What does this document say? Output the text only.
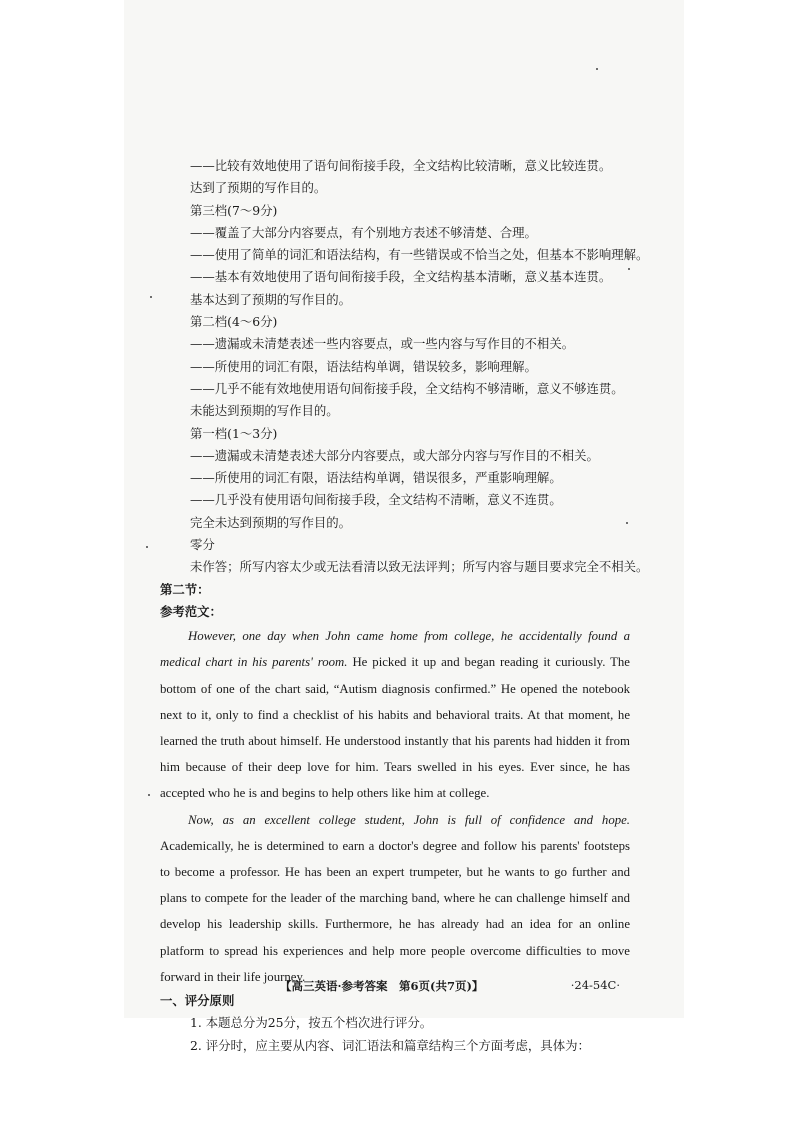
——比较有效地使用了语句间衔接手段，全文结构比较清晰，意义比较连贯。
达到了预期的写作目的。
第三档(7～9分)
——覆盖了大部分内容要点，有个别地方表述不够清楚、合理。
——使用了简单的词汇和语法结构，有一些错误或不恰当之处，但基本不影响理解。
——基本有效地使用了语句间衔接手段，全文结构基本清晰，意义基本连贯。
基本达到了预期的写作目的。
第二档(4～6分)
——遗漏或未清楚表述一些内容要点，或一些内容与写作目的不相关。
——所使用的词汇有限，语法结构单调，错误较多，影响理解。
——几乎不能有效地使用语句间衔接手段，全文结构不够清晰，意义不够连贯。
未能达到预期的写作目的。
第一档(1～3分)
——遗漏或未清楚表述大部分内容要点，或大部分内容与写作目的不相关。
——所使用的词汇有限，语法结构单调，错误很多，严重影响理解。
——几乎没有使用语句间衔接手段，全文结构不清晰，意义不连贯。
完全未达到预期的写作目的。
零分
未作答；所写内容太少或无法看清以致无法评判；所写内容与题目要求完全不相关。
第二节：
参考范文：

However, one day when John came home from college, he accidentally found a medical chart in his parents' room. He picked it up and began reading it curiously. The bottom of one of the chart said, “Autism diagnosis confirmed.” He opened the notebook next to it, only to find a checklist of his habits and behavioral traits. At that moment, he learned the truth about himself. He understood instantly that his parents had hidden it from him because of their deep love for him. Tears swelled in his eyes. Ever since, he has accepted who he is and begins to help others like him at college.

Now, as an excellent college student, John is full of confidence and hope. Academically, he is determined to earn a doctor's degree and follow his parents' footsteps to become a professor. He has been an expert trumpeter, but he wants to go further and plans to compete for the leader of the marching band, where he can challenge himself and develop his leadership skills. Furthermore, he has already had an idea for an online platform to spread his experiences and help more people overcome difficulties to move forward in their life journey.

一、评分原则
1. 本题总分为25分，按五个档次进行评分。
2. 评分时，应主要从内容、词汇语法和篇章结构三个方面考虑，具体为：
【高三英语·参考答案　第6页(共7页)】	·24-54C·
